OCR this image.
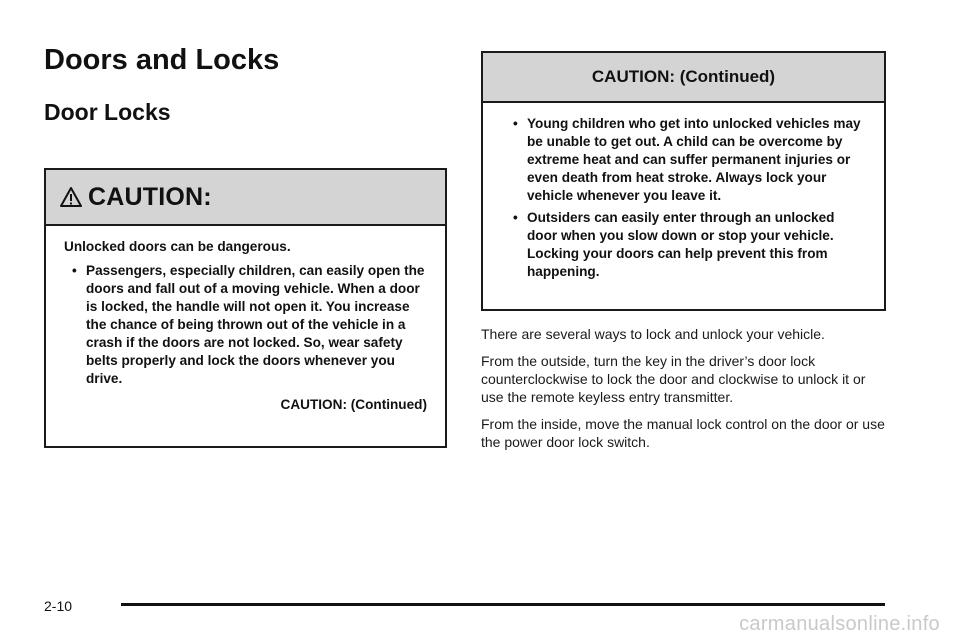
Doors and Locks
Door Locks
CAUTION:

Unlocked doors can be dangerous.

• Passengers, especially children, can easily open the doors and fall out of a moving vehicle. When a door is locked, the handle will not open it. You increase the chance of being thrown out of the vehicle in a crash if the doors are not locked. So, wear safety belts properly and lock the doors whenever you drive.
CAUTION: (Continued)
CAUTION: (Continued)
• Young children who get into unlocked vehicles may be unable to get out. A child can be overcome by extreme heat and can suffer permanent injuries or even death from heat stroke. Always lock your vehicle whenever you leave it.
• Outsiders can easily enter through an unlocked door when you slow down or stop your vehicle. Locking your doors can help prevent this from happening.

There are several ways to lock and unlock your vehicle.

From the outside, turn the key in the driver’s door lock counterclockwise to lock the door and clockwise to unlock it or use the remote keyless entry transmitter.

From the inside, move the manual lock control on the door or use the power door lock switch.

2-10
carmanualsonline.info
